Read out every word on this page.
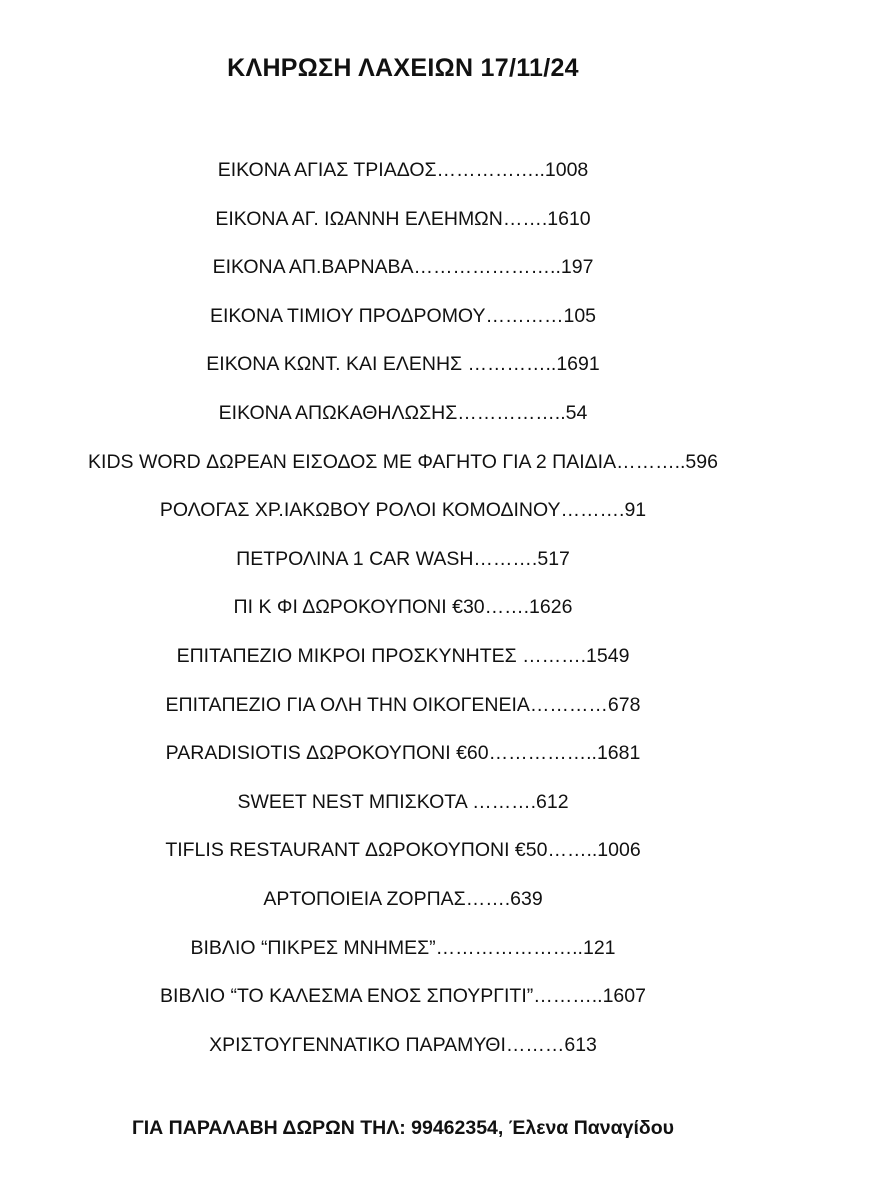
ΚΛΗΡΩΣΗ ΛΑΧΕΙΩΝ 17/11/24
ΕΙΚΟΝΑ ΑΓΙΑΣ ΤΡΙΑΔΟΣ……………..1008
ΕΙΚΟΝΑ ΑΓ. ΙΩΑΝΝΗ ΕΛΕΗΜΩΝ…….1610
ΕΙΚΟΝΑ ΑΠ.ΒΑΡΝΑΒΑ…………………..197
ΕΙΚΟΝΑ ΤΙΜΙΟΥ ΠΡΟΔΡΟΜΟΥ…………105
ΕΙΚΟΝΑ ΚΩΝΤ. ΚΑΙ ΕΛΕΝΗΣ …………..1691
ΕΙΚΟΝΑ ΑΠΩΚΑΘΗΛΩΣΗΣ……………..54
KIDS WORD ΔΩΡΕΑΝ ΕΙΣΟΔΟΣ ΜΕ ΦΑΓΗΤΟ ΓΙΑ 2 ΠΑΙΔΙΑ………..596
ΡΟΛΟΓΑΣ ΧΡ.ΙΑΚΩΒΟΥ ΡΟΛΟΙ ΚΟΜΟΔΙΝΟΥ……….91
ΠΕΤΡΟΛΙΝΑ 1 CAR WASH……….517
ΠΙ Κ ΦΙ ΔΩΡΟΚΟΥΠΟΝΙ €30…….1626
ΕΠΙΤΑΠΕΖΙΟ ΜΙΚΡΟΙ ΠΡΟΣΚΥΝΗΤΕΣ ……….1549
ΕΠΙΤΑΠΕΖΙΟ ΓΙΑ ΟΛΗ ΤΗΝ ΟΙΚΟΓΕΝΕΙΑ…………678
PARADISIOTIS ΔΩΡΟΚΟΥΠΟΝΙ €60……………..1681
SWEET NEST ΜΠΙΣΚΟΤΑ ……….612
TIFLIS RESTAURANT ΔΩΡΟΚΟΥΠΟΝΙ €50……..1006
ΑΡΤΟΠΟΙΕΙΑ ΖΟΡΠΑΣ…….639
ΒΙΒΛΙΟ “ΠΙΚΡΕΣ ΜΝΗΜΕΣ”…………………..121
ΒΙΒΛΙΟ “ΤΟ ΚΑΛΕΣΜΑ ΕΝΟΣ ΣΠΟΥΡΓΙΤΙ”………..1607
ΧΡΙΣΤΟΥΓΕΝΝΑΤΙΚΟ ΠΑΡΑΜΥΘΙ………613
ΓΙΑ ΠΑΡΑΛΑΒΗ ΔΩΡΩΝ ΤΗΛ: 99462354, Έλενα Παναγίδου
